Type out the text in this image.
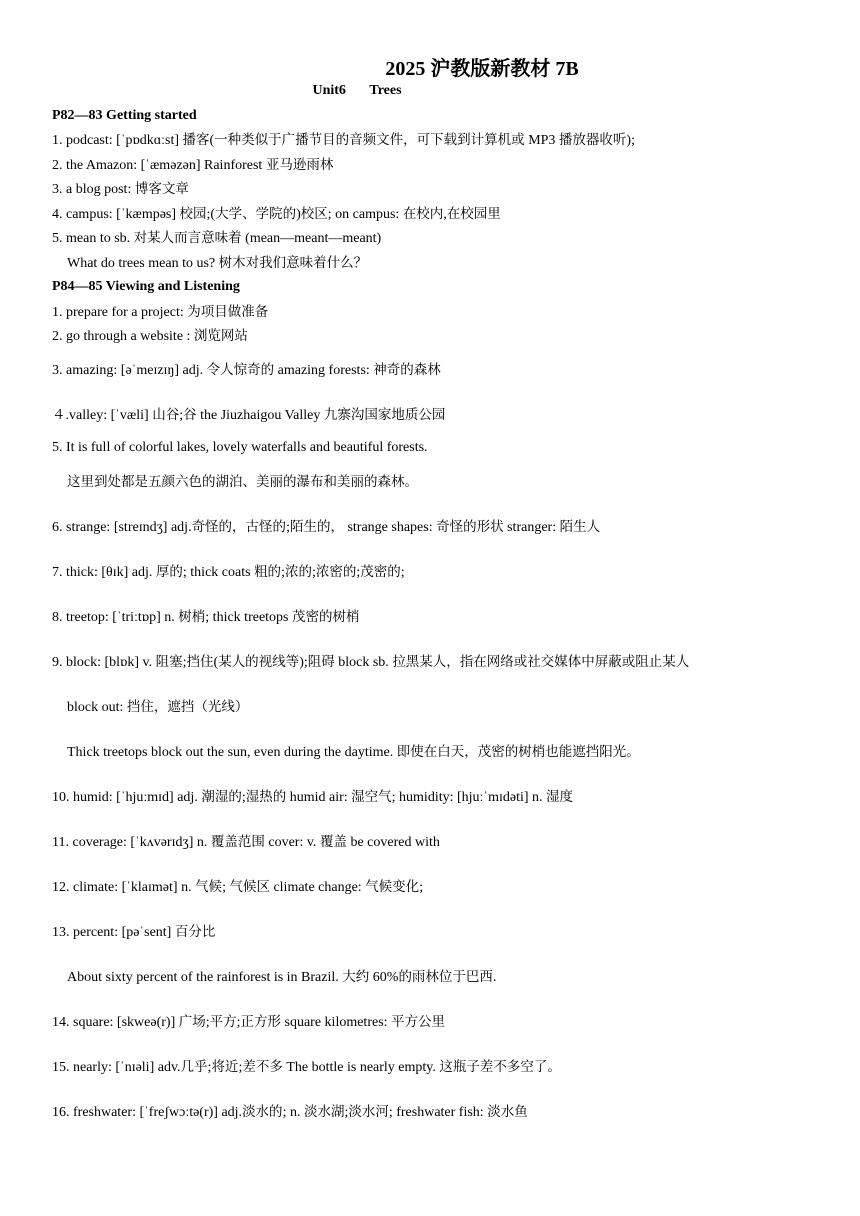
2025 沪教版新教材 7B
Unit6 Trees
P82—83 Getting started
1. podcast: [ˈpɒdkɑːst] 播客(一种类似于广播节目的音频文件，可下载到计算机或 MP3 播放器收听);
2. the Amazon: [ˈæməzən] Rainforest 亚马逊雨林
3. a blog post: 博客文章
4. campus: [ˈkæmpəs] 校园;(大学、学院的)校区; on campus: 在校内,在校园里
5. mean to sb. 对某人而言意味着 (mean—meant—meant)
What do trees mean to us? 树木对我们意味着什么？
P84—85 Viewing and Listening
1. prepare for a project: 为项目做准备
2. go through a website : 浏览网站
3. amazing: [əˈmeɪzɪŋ] adj. 令人惊奇的 amazing forests: 神奇的森林
４.valley: [ˈvæli] 山谷;谷 the Jiuzhaigou Valley 九寨沟国家地质公园
5. It is full of colorful lakes, lovely waterfalls and beautiful forests.
这里到处都是五颜六色的湖泊、美丽的瀑布和美丽的森林。
6. strange: [streɪndʒ] adj.奇怪的，古怪的;陌生的， strange shapes: 奇怪的形状 stranger: 陌生人
7. thick: [θɪk] adj. 厚的; thick coats 粗的;浓的;浓密的;茂密的;
8. treetop: [ˈtriːtɒp] n. 树梢; thick treetops 茂密的树梢
9. block: [blɒk] v. 阻塞;挡住(某人的视线等);阻碍 block sb. 拉黑某人，指在网络或社交媒体中屏蔽或阻止某人
block out: 挡住，遮挡（光线）
Thick treetops block out the sun, even during the daytime. 即使在白天，茂密的树梢也能遮挡阳光。
10. humid: [ˈhjuːmɪd] adj. 潮湿的;湿热的 humid air: 湿空气; humidity: [hjuːˈmɪdəti] n. 湿度
11. coverage: [ˈkʌvərɪdʒ] n. 覆盖范围 cover: v. 覆盖 be covered with
12. climate: [ˈklaɪmət] n. 气候; 气候区 climate change: 气候变化;
13. percent: [pəˈsent] 百分比
About sixty percent of the rainforest is in Brazil. 大约 60%的雨林位于巴西.
14. square: [skweə(r)] 广场;平方;正方形 square kilometres: 平方公里
15. nearly: [ˈnɪəli] adv.几乎;将近;差不多 The bottle is nearly empty. 这瓶子差不多空了。
16. freshwater: [ˈfreʃwɔːtə(r)] adj.淡水的; n. 淡水湖;淡水河; freshwater fish: 淡水鱼
